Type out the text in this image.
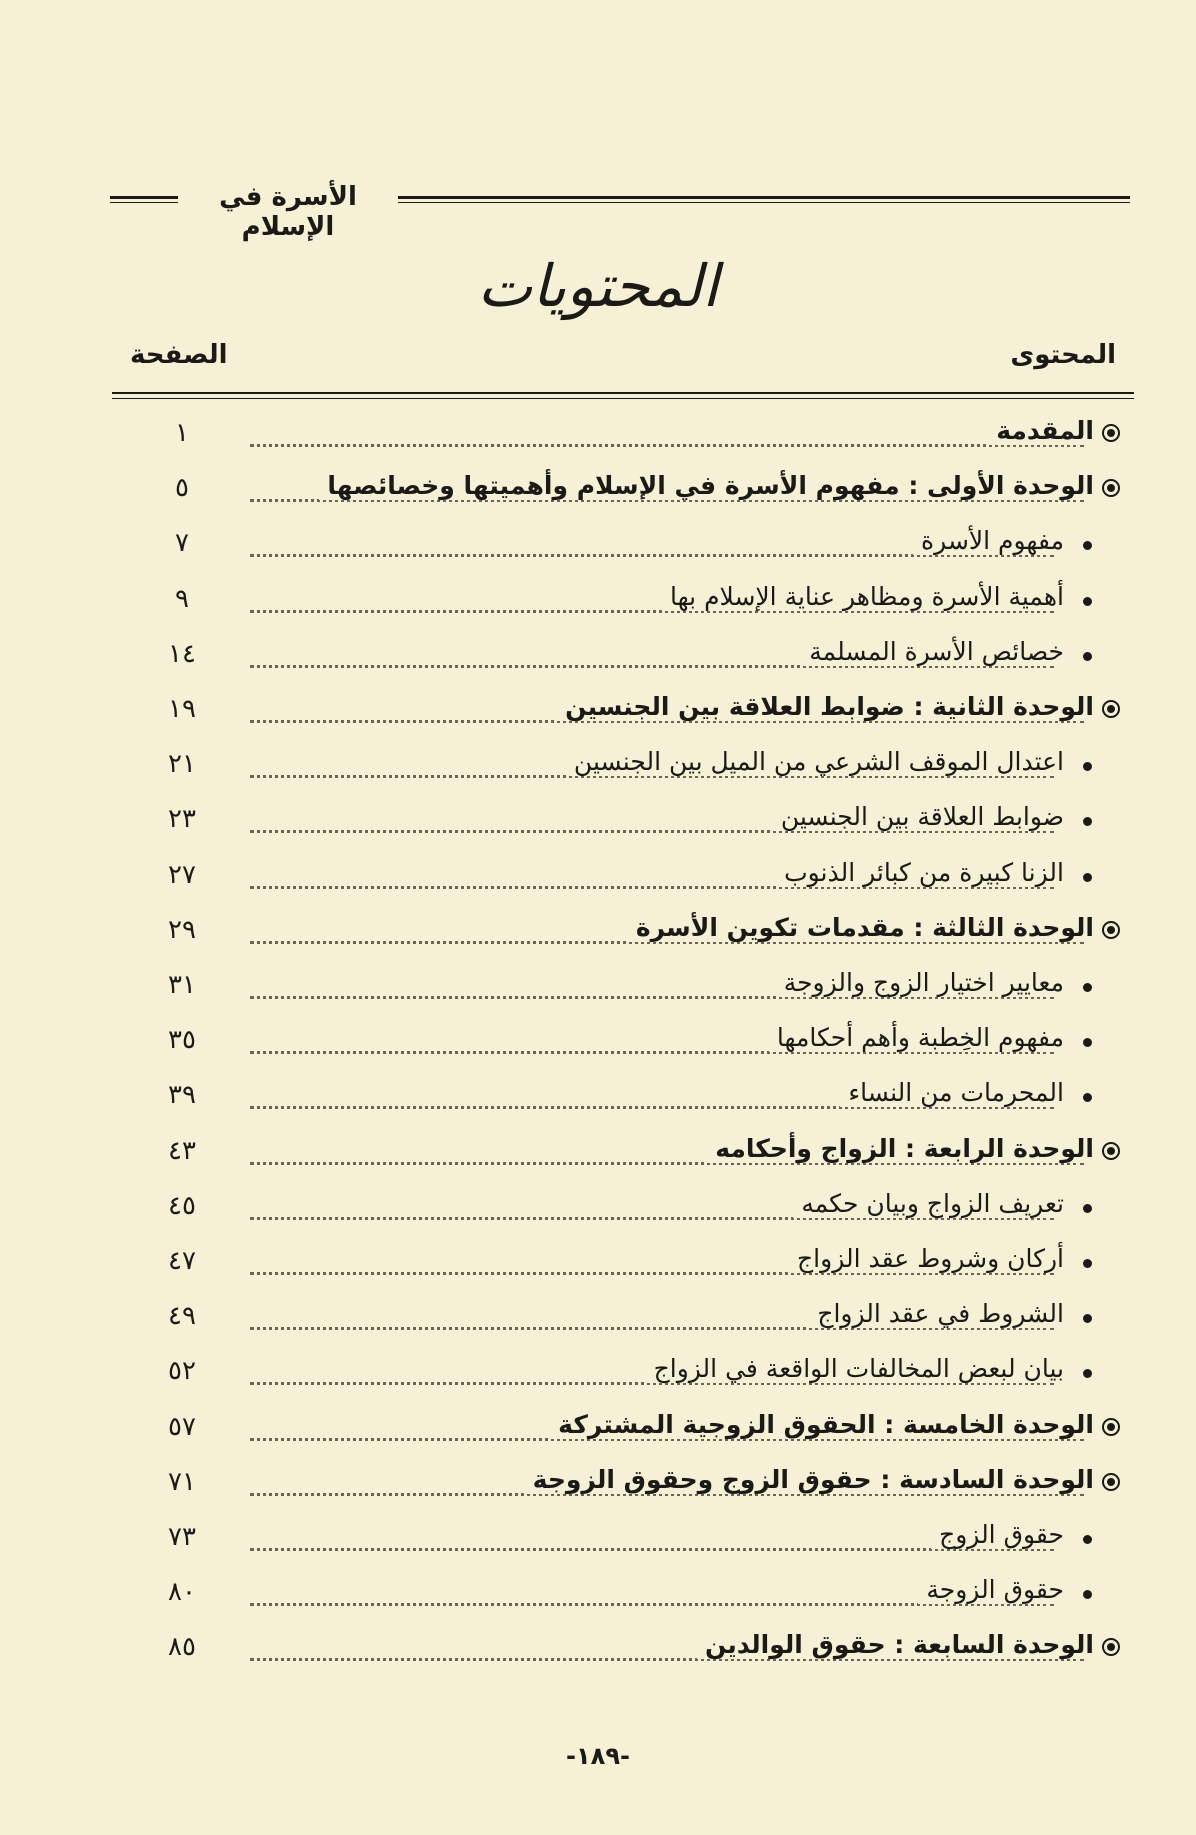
الأسرة في الإسلام
المحتويات
المحتوى
الصفحة
١	المقدمة
٥	الوحدة الأولى : مفهوم الأسرة في الإسلام وأهميتها وخصائصها
٧	مفهوم الأسرة
٩	أهمية الأسرة ومظاهر عناية الإسلام بها
١٤	خصائص الأسرة المسلمة
١٩	الوحدة الثانية : ضوابط العلاقة بين الجنسين
٢١	اعتدال الموقف الشرعي من الميل بين الجنسين
٢٣	ضوابط العلاقة بين الجنسين
٢٧	الزنا كبيرة من كبائر الذنوب
٢٩	الوحدة الثالثة : مقدمات تكوين الأسرة
٣١	معايير اختيار الزوج والزوجة
٣٥	مفهوم الخِطبة وأهم أحكامها
٣٩	المحرمات من النساء
٤٣	الوحدة الرابعة : الزواج وأحكامه
٤٥	تعريف الزواج وبيان حكمه
٤٧	أركان وشروط عقد الزواج
٤٩	الشروط في عقد الزواج
٥٢	بيان لبعض المخالفات الواقعة في الزواج
٥٧	الوحدة الخامسة : الحقوق الزوجية المشتركة
٧١	الوحدة السادسة : حقوق الزوج وحقوق الزوجة
٧٣	حقوق الزوج
٨٠	حقوق الزوجة
٨٥	الوحدة السابعة : حقوق الوالدين
-١٨٩-
